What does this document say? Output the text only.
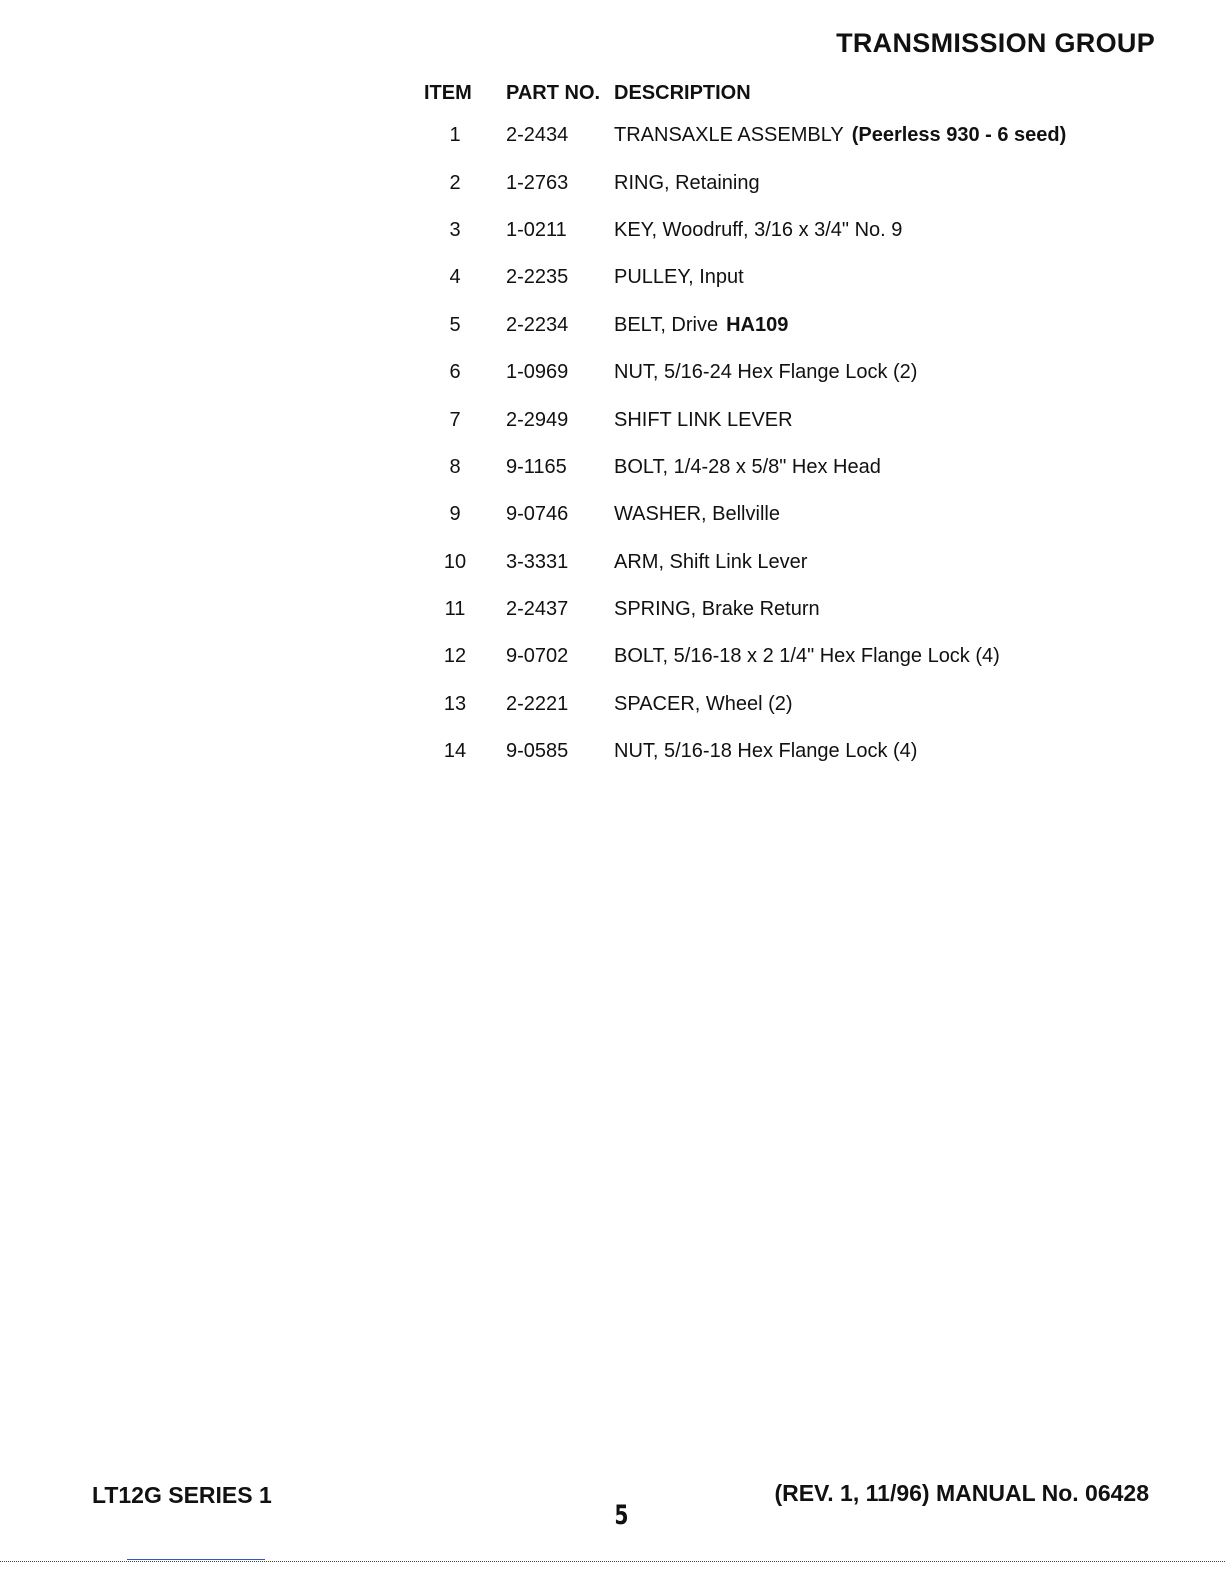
TRANSMISSION GROUP
ITEM	PART NO.	DESCRIPTION
1	2-2434	TRANSAXLE ASSEMBLY (Peerless 930 - 6 seed)
2	1-2763	RING, Retaining
3	1-0211	KEY, Woodruff, 3/16 x 3/4" No. 9
4	2-2235	PULLEY, Input
5	2-2234	BELT, Drive HA109
6	1-0969	NUT, 5/16-24 Hex Flange Lock (2)
7	2-2949	SHIFT LINK LEVER
8	9-1165	BOLT, 1/4-28 x 5/8" Hex Head
9	9-0746	WASHER, Bellville
10	3-3331	ARM, Shift Link Lever
11	2-2437	SPRING, Brake Return
12	9-0702	BOLT, 5/16-18 x 2 1/4" Hex Flange Lock (4)
13	2-2221	SPACER, Wheel (2)
14	9-0585	NUT, 5/16-18 Hex Flange Lock (4)
LT12G SERIES 1
5
(REV. 1, 11/96) MANUAL No. 06428
